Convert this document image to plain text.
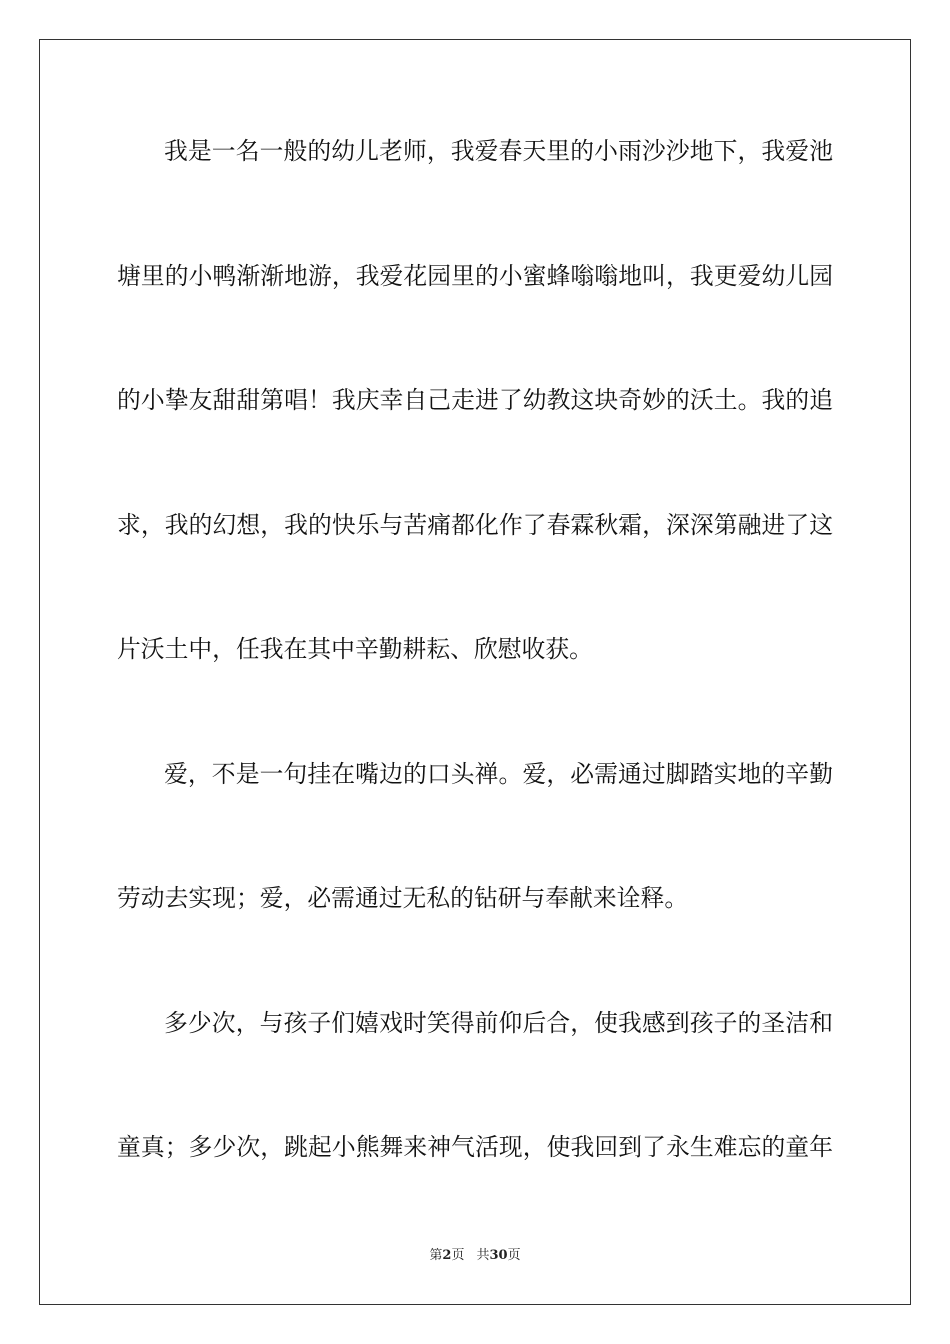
我是一名一般的幼儿老师，我爱春天里的小雨沙沙地下，我爱池
塘里的小鸭渐渐地游，我爱花园里的小蜜蜂嗡嗡地叫，我更爱幼儿园
的小挚友甜甜第唱！我庆幸自己走进了幼教这块奇妙的沃土。我的追
求，我的幻想，我的快乐与苦痛都化作了春霖秋霜，深深第融进了这
片沃土中，任我在其中辛勤耕耘、欣慰收获。
爱，不是一句挂在嘴边的口头禅。爱，必需通过脚踏实地的辛勤
劳动去实现；爱，必需通过无私的钻研与奉献来诠释。
多少次，与孩子们嬉戏时笑得前仰后合，使我感到孩子的圣洁和
童真；多少次，跳起小熊舞来神气活现，使我回到了永生难忘的童年
第2页 共30页
